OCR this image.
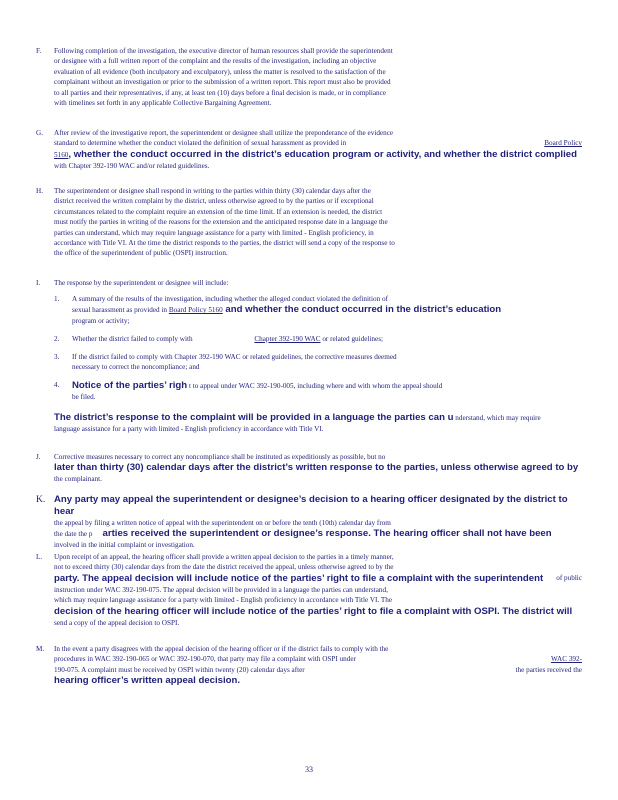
F.	Following completion of the investigation, the executive director of human resources shall provide the superintendent
or designee with a full written report of the complaint and the results of the investigation, including an objective
evaluation of all evidence (both inculpatory and exculpatory), unless the matter is resolved to the satisfaction of the
complainant without an investigation or prior to the submission of a written report. This report must also be provided
to all parties and their representatives, if any, at least ten (10) days before a final decision is made, or in compliance
with timelines set forth in any applicable Collective Bargaining Agreement.
G.	After review of the investigative report, the superintendent or designee shall utilize the preponderance of the evidence
standard to determine whether the conduct violated the definition of sexual harassment as provided in	Board Policy
5160, whether the conduct occurred in the district’s education program or activity, and whether the district complied
with Chapter 392-190 WAC and/or related guidelines.
H.	The superintendent or designee shall respond in writing to the parties within thirty (30) calendar days after the
district received the written complaint by the district, unless otherwise agreed to by the parties or if exceptional
circumstances related to the complaint require an extension of the time limit. If an extension is needed, the district
must notify the parties in writing of the reasons for the extension and the anticipated response date in a language the
parties can understand, which may require language assistance for a party with limited - English proficiency, in
accordance with Title VI. At the time the district responds to the parties, the district will send a copy of the response to
the office of the superintendent of public (OSPI) instruction.
I.	The response by the superintendent or designee will include:
1.	A summary of the results of the investigation, including whether the alleged conduct violated the definition of
sexual harassment as provided in Board Policy 5160 and whether the conduct occurred in the district’s education
program or activity;
2.	Whether the district failed to comply with	Chapter 392-190 WAC or related guidelines;
3.	If the district failed to comply with Chapter 392-190 WAC or related guidelines, the corrective measures deemed
necessary to correct the noncompliance; and
4.	Notice of the parties’ righ t to appeal under WAC 392-190-005, including where and with whom the appeal should
be filed.
The district’s response to the complaint will be provided in a language the parties can u nderstand, which may require
language assistance for a party with limited - English proficiency in accordance with Title VI.
J.	Corrective measures necessary to correct any noncompliance shall be instituted as expeditiously as possible, but no
later than thirty (30) calendar days after the district’s written response to the parties, unless otherwise agreed to by
the complainant.
K. Any party may appeal the superintendent or designee’s decision to a hearing officer designated by the district to hear
the appeal by filing a written notice of appeal with the superintendent on or before the tenth (10th) calendar day from
the date the p arties received the superintendent or designee’s response. The hearing officer shall not have been
involved in the initial complaint or investigation.
L.	Upon receipt of an appeal, the hearing officer shall provide a written appeal decision to the parties in a timely manner,
not to exceed thirty (30) calendar days from the date the district received the appeal, unless otherwise agreed to by the
party. The appeal decision will include notice of the parties’ right to file a complaint with the superintendent of public
instruction under WAC 392-190-075. The appeal decision will be provided in a language the parties can understand,
which may require language assistance for a party with limited - English proficiency in accordance with Title VI. The
decision of the hearing officer will include notice of the parties’ right to file a complaint with OSPI. The district will
send a copy of the appeal decision to OSPI.
M.	In the event a party disagrees with the appeal decision of the hearing officer or if the district fails to comply with the
procedures in WAC 392-190-065 or WAC 392-190-070, that party may file a complaint with OSPI under	WAC 392-
190-075. A complaint must be received by OSPI within twenty (20) calendar days after	the parties received the
hearing officer’s written appeal decision.
33
